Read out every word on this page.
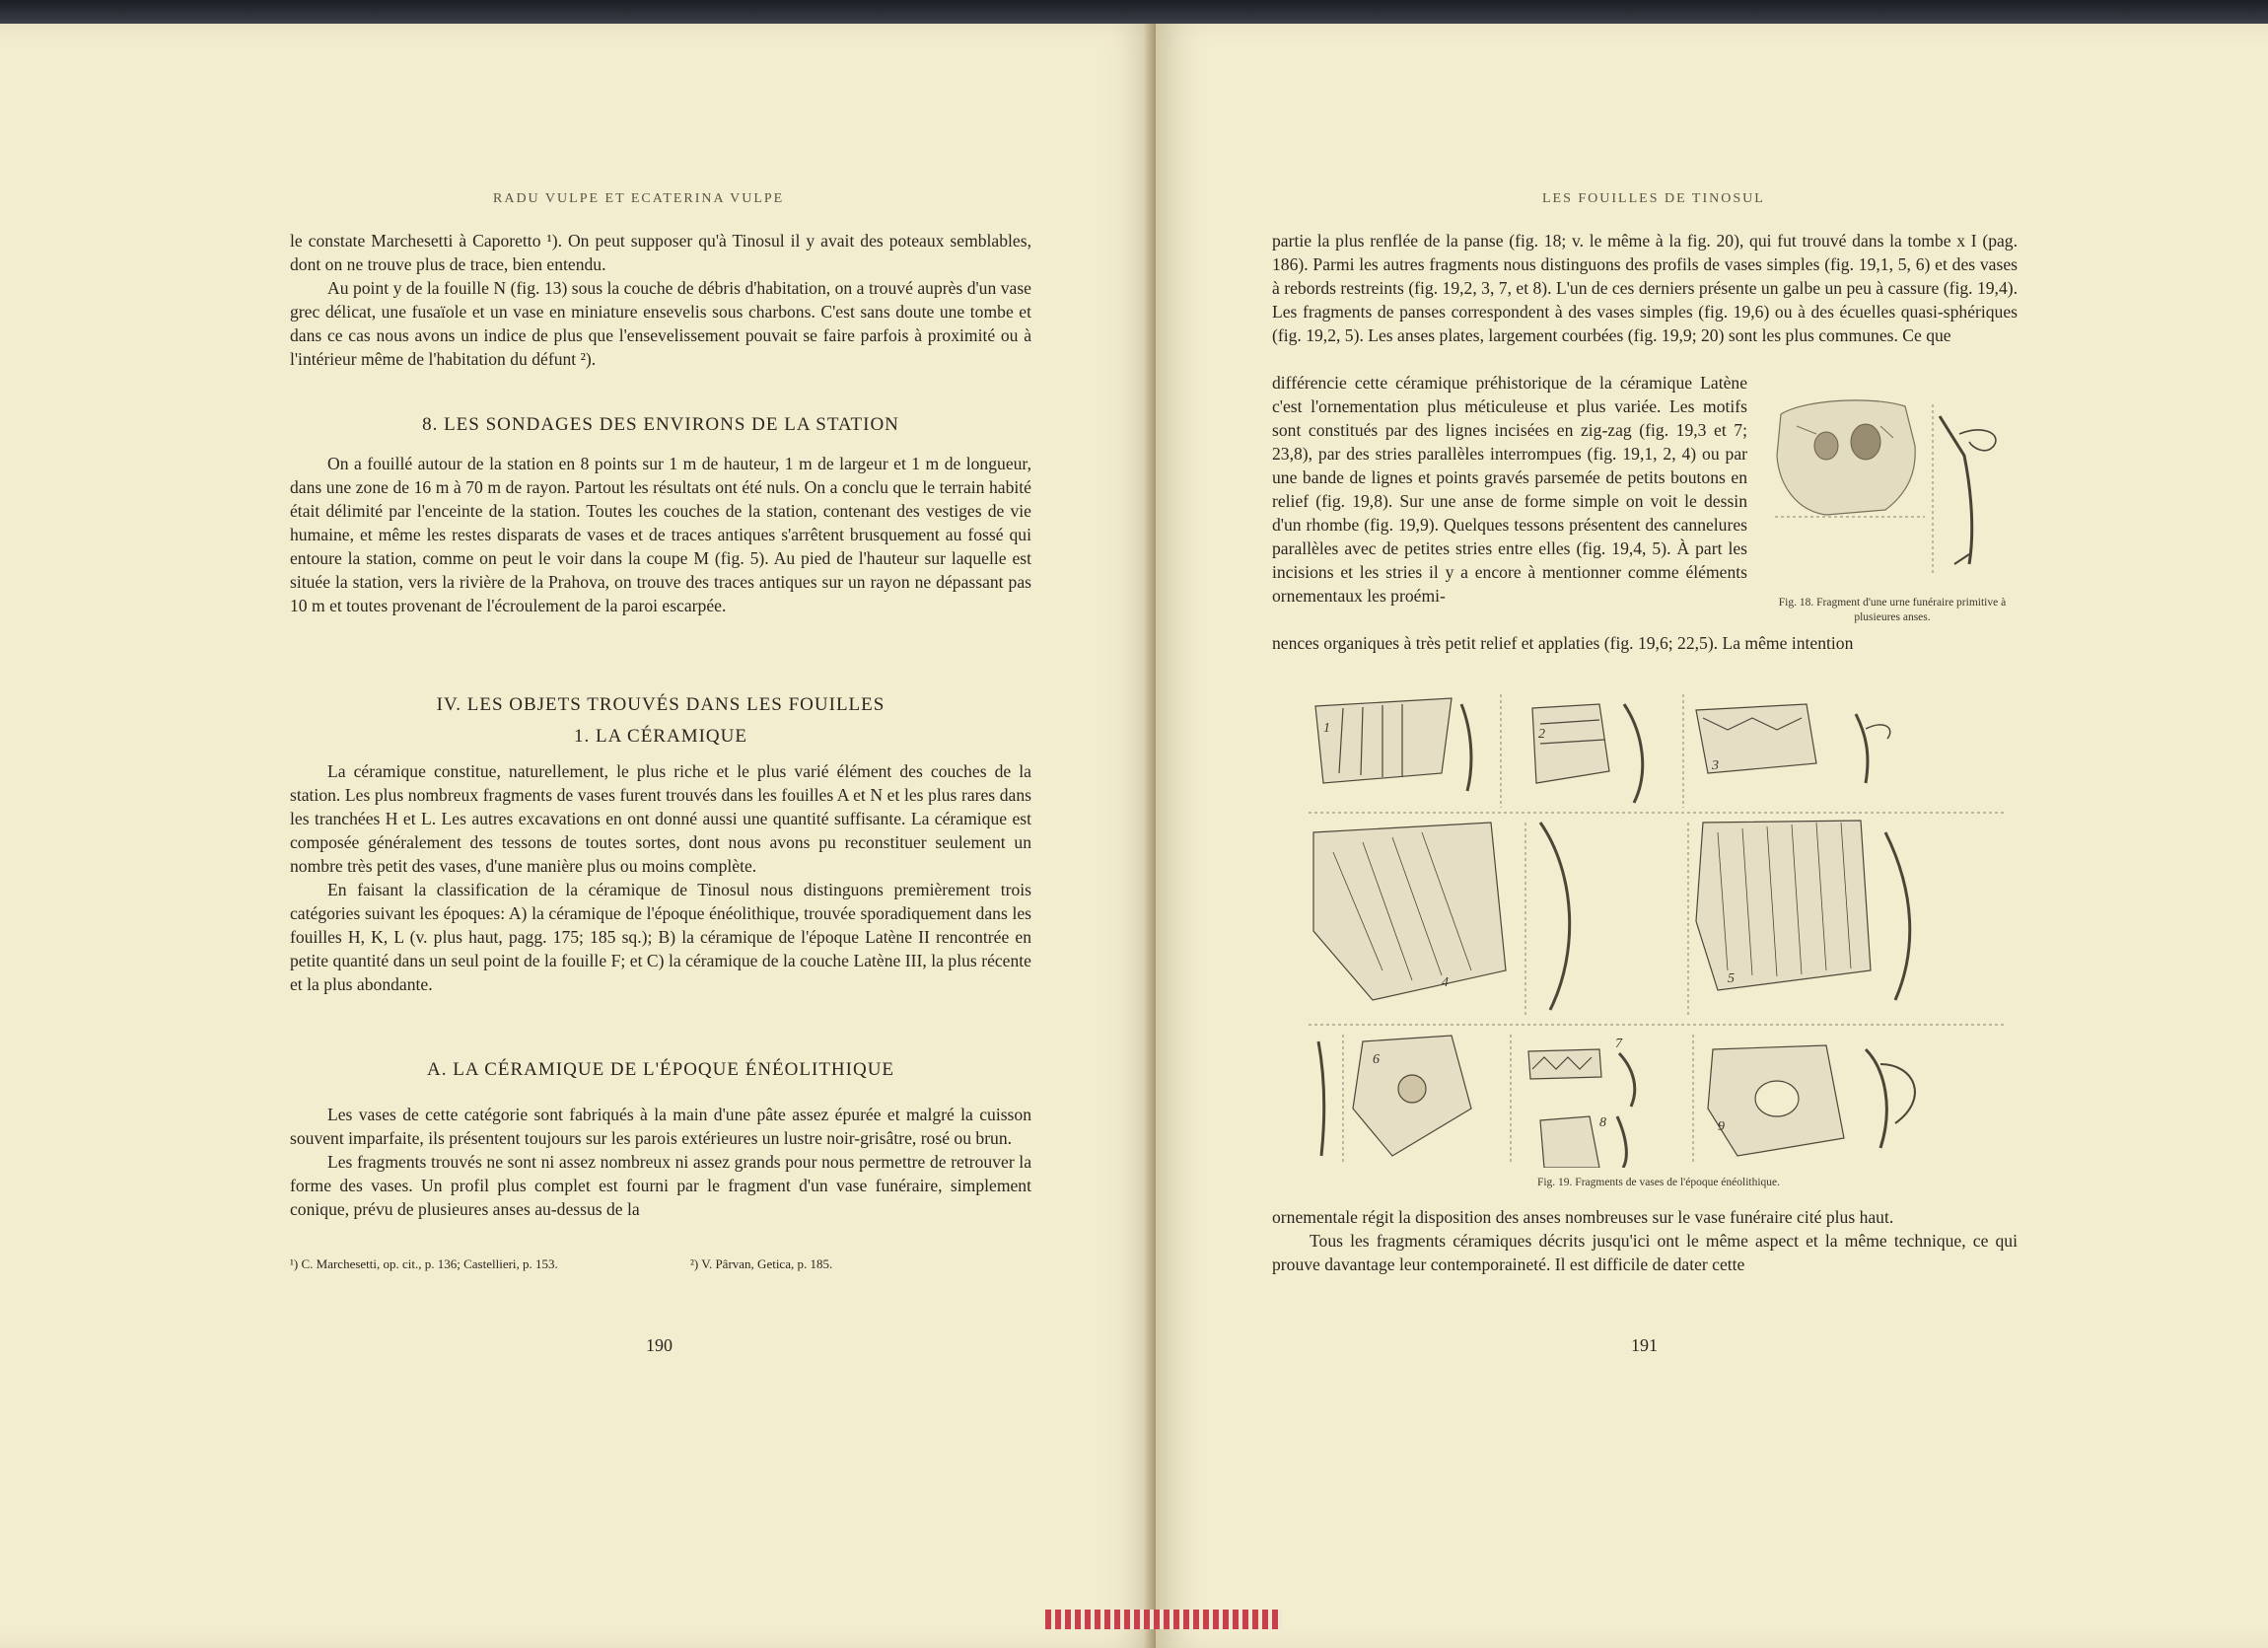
RADU VULPE ET ECATERINA VULPE

le constate Marchesetti à Caporetto ¹). On peut supposer qu'à Tinosul il y avait des poteaux semblables, dont on ne trouve plus de trace, bien entendu.

Au point y de la fouille N (fig. 13) sous la couche de débris d'habitation, on a trouvé auprès d'un vase grec délicat, une fusaïole et un vase en miniature ensevelis sous charbons. C'est sans doute une tombe et dans ce cas nous avons un indice de plus que l'ensevelissement pouvait se faire parfois à proximité ou à l'intérieur même de l'habitation du défunt ²).

8. LES SONDAGES DES ENVIRONS DE LA STATION

On a fouillé autour de la station en 8 points sur 1 m de hauteur, 1 m de largeur et 1 m de longueur, dans une zone de 16 m à 70 m de rayon. Partout les résultats ont été nuls. On a conclu que le terrain habité était délimité par l'enceinte de la station. Toutes les couches de la station, contenant des vestiges de vie humaine, et même les restes disparats de vases et de traces antiques s'arrêtent brusquement au fossé qui entoure la station, comme on peut le voir dans la coupe M (fig. 5). Au pied de l'hauteur sur laquelle est située la station, vers la rivière de la Prahova, on trouve des traces antiques sur un rayon ne dépassant pas 10 m et toutes provenant de l'écroulement de la paroi escarpée.

IV. LES OBJETS TROUVÉS DANS LES FOUILLES
1. LA CÉRAMIQUE

La céramique constitue, naturellement, le plus riche et le plus varié élément des couches de la station. Les plus nombreux fragments de vases furent trouvés dans les fouilles A et N et les plus rares dans les tranchées H et L. Les autres excavations en ont donné aussi une quantité suffisante. La céramique est composée généralement des tessons de toutes sortes, dont nous avons pu reconstituer seulement un nombre très petit des vases, d'une manière plus ou moins complète.

En faisant la classification de la céramique de Tinosul nous distinguons premièrement trois catégories suivant les époques: A) la céramique de l'époque énéolithique, trouvée sporadiquement dans les fouilles H, K, L (v. plus haut, pagg. 175; 185 sq.); B) la céramique de l'époque Latène II rencontrée en petite quantité dans un seul point de la fouille F; et C) la céramique de la couche Latène III, la plus récente et la plus abondante.

A. LA CÉRAMIQUE DE L'ÉPOQUE ÉNÉOLITHIQUE

Les vases de cette catégorie sont fabriqués à la main d'une pâte assez épurée et malgré la cuisson souvent imparfaite, ils présentent toujours sur les parois extérieures un lustre noir-grisâtre, rosé ou brun.

Les fragments trouvés ne sont ni assez nombreux ni assez grands pour nous permettre de retrouver la forme des vases. Un profil plus complet est fourni par le fragment d'un vase funéraire, simplement conique, prévu de plusieures anses au-dessus de la

¹) C. Marchesetti, op. cit., p. 136; Castellieri, p. 153.	²) V. Pârvan, Getica, p. 185.
190
LES FOUILLES DE TINOSUL

partie la plus renflée de la panse (fig. 18; v. le même à la fig. 20), qui fut trouvé dans la tombe x I (pag. 186). Parmi les autres fragments nous distinguons des profils de vases simples (fig. 19,1, 5, 6) et des vases à rebords restreints (fig. 19,2, 3, 7, et 8). L'un de ces derniers présente un galbe un peu à cassure (fig. 19,4). Les fragments de panses correspondent à des vases simples (fig. 19,6) ou à des écuelles quasi-sphériques (fig. 19,2, 5). Les anses plates, largement courbées (fig. 19,9; 20) sont les plus communes. Ce que

différencie cette céramique préhistorique de la céramique Latène c'est l'ornementation plus méticuleuse et plus variée. Les motifs sont constitués par des lignes incisées en zig-zag (fig. 19,3 et 7; 23,8), par des stries parallèles interrompues (fig. 19,1, 2, 4) ou par une bande de lignes et points gravés parsemée de petits boutons en relief (fig. 19,8). Sur une anse de forme simple on voit le dessin d'un rhombe (fig. 19,9). Quelques tessons présentent des cannelures parallèles avec de petites stries entre elles (fig. 19,4, 5). À part les incisions et les stries il y a encore à mentionner comme éléments ornementaux les proémi-	Fig. 18. Fragment d'une urne funéraire primitive à plusieures anses.

nences organiques à très petit relief et applaties (fig. 19,6; 22,5). La même intention

1	2
3
4	5
6
7
8	9
Fig. 19. Fragments de vases de l'époque énéolithique.

ornementale régit la disposition des anses nombreuses sur le vase funéraire cité plus haut.

Tous les fragments céramiques décrits jusqu'ici ont le même aspect et la même technique, ce qui prouve davantage leur contemporaineté. Il est difficile de dater cette

191
